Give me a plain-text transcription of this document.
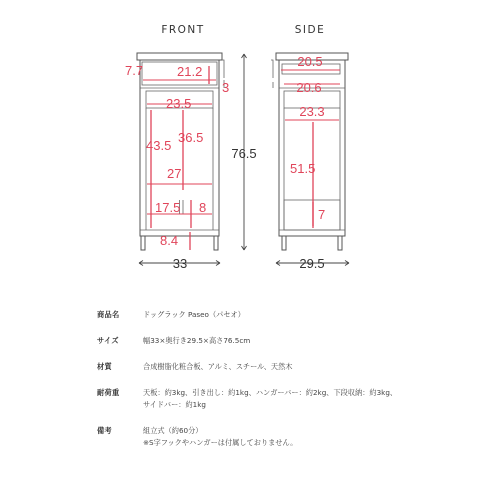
FRONT	SIDE
7.7	21.2
3
23.5
43.5
36.5
27
17.5 8
8.4
33
76.5
20.5
20.6
23.3
51.5
7
29.5
商品名	ドッグラック Paseo（パセオ）
サイズ	幅33×奥行き29.5×高さ76.5cm
材質	合成樹脂化粧合板、アルミ、スチール、天然木
耐荷重	天板：約3kg、引き出し：約1kg、ハンガーバー：約2kg、下段収納：約3kg、
サイドバー：約1kg
備考	組立式（約60分）
※S字フックやハンガーは付属しておりません。
